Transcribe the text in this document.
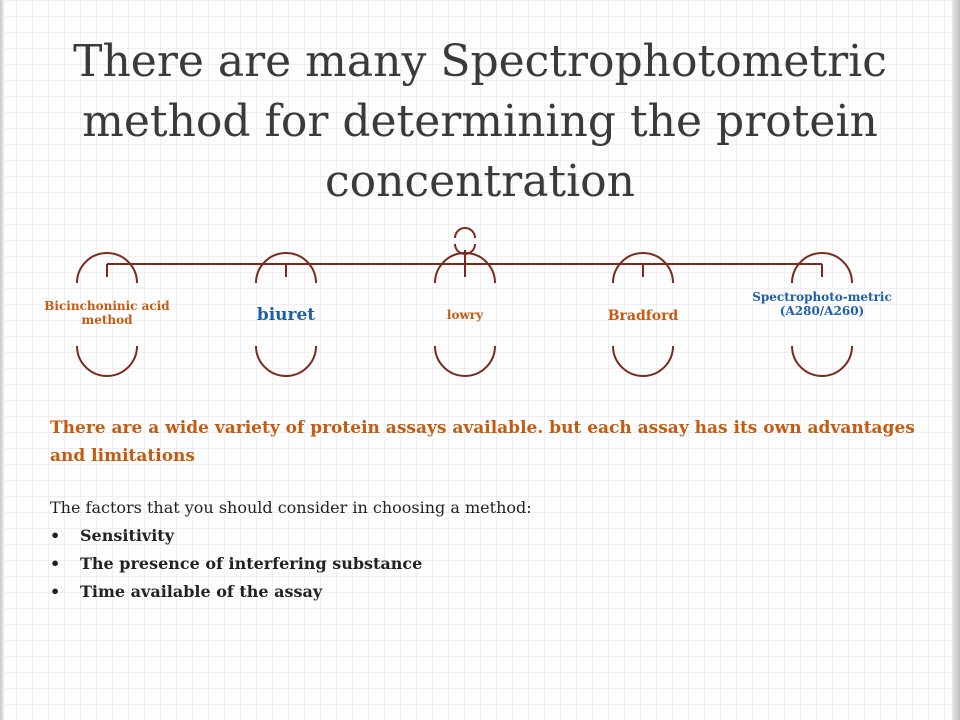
There are many Spectrophotometric method for determining the protein concentration
Bicinchoninic acid method	biuret	lowry	Bradford
Spectrophoto-metric (A280/A260)

There are a wide variety of protein assays available. but each assay has its own advantages and limitations

The factors that you should consider in choosing a method:

•	Sensitivity
•	The presence of interfering substance
•	Time available of the assay
